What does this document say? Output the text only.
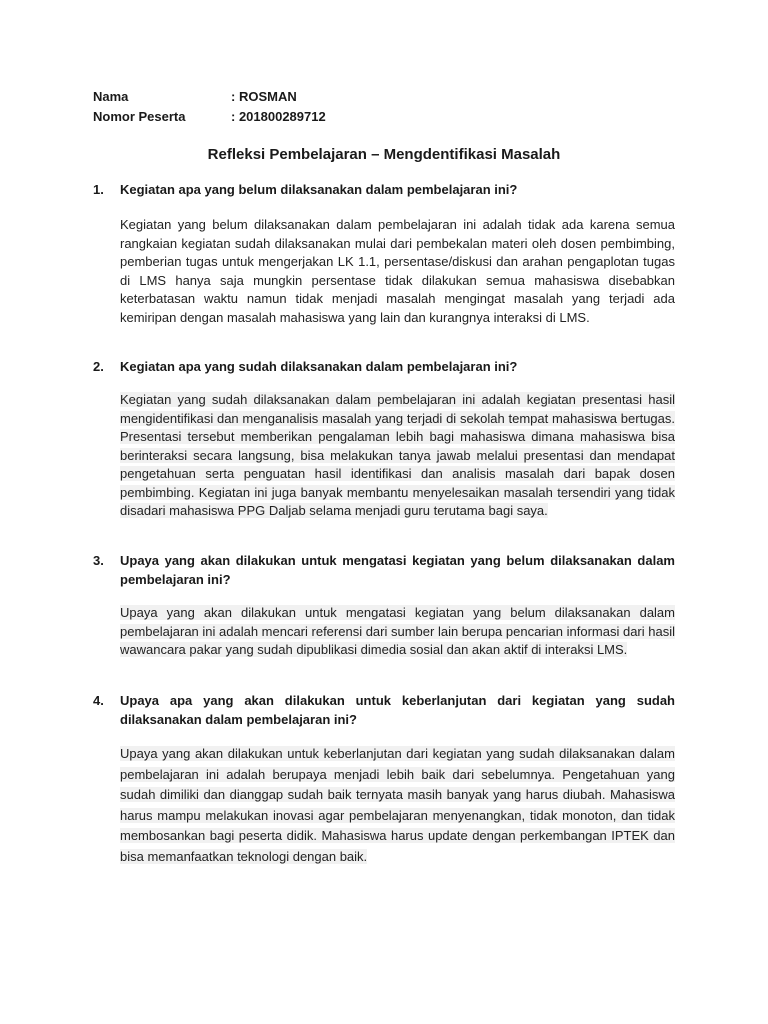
Nama	: ROSMAN
Nomor Peserta	: 201800289712
Refleksi Pembelajaran – Mengdentifikasi Masalah
1. Kegiatan apa yang belum dilaksanakan dalam pembelajaran ini?
Kegiatan yang belum dilaksanakan dalam pembelajaran ini adalah tidak ada karena semua rangkaian kegiatan sudah dilaksanakan mulai dari pembekalan materi oleh dosen pembimbing, pemberian tugas untuk mengerjakan LK 1.1, persentase/diskusi dan arahan pengaplotan tugas di LMS hanya saja mungkin persentase tidak dilakukan semua mahasiswa disebabkan keterbatasan waktu namun tidak menjadi masalah mengingat masalah yang terjadi ada kemiripan dengan masalah mahasiswa yang lain dan kurangnya interaksi di LMS.
2. Kegiatan apa yang sudah dilaksanakan dalam pembelajaran ini?
Kegiatan yang sudah dilaksanakan dalam pembelajaran ini adalah kegiatan presentasi hasil mengidentifikasi dan menganalisis masalah yang terjadi di sekolah tempat mahasiswa bertugas. Presentasi tersebut memberikan pengalaman lebih bagi mahasiswa dimana mahasiswa bisa berinteraksi secara langsung, bisa melakukan tanya jawab melalui presentasi dan mendapat pengetahuan serta penguatan hasil identifikasi dan analisis masalah dari bapak dosen pembimbing. Kegiatan ini juga banyak membantu menyelesaikan masalah tersendiri yang tidak disadari mahasiswa PPG Daljab selama menjadi guru terutama bagi saya.
3. Upaya yang akan dilakukan untuk mengatasi kegiatan yang belum dilaksanakan dalam pembelajaran ini?
Upaya yang akan dilakukan untuk mengatasi kegiatan yang belum dilaksanakan dalam pembelajaran ini adalah mencari referensi dari sumber lain berupa pencarian informasi dari hasil wawancara pakar yang sudah dipublikasi dimedia sosial dan akan aktif di interaksi LMS.
4. Upaya apa yang akan dilakukan untuk keberlanjutan dari kegiatan yang sudah dilaksanakan dalam pembelajaran ini?
Upaya yang akan dilakukan untuk keberlanjutan dari kegiatan yang sudah dilaksanakan dalam pembelajaran ini adalah berupaya menjadi lebih baik dari sebelumnya. Pengetahuan yang sudah dimiliki dan dianggap sudah baik ternyata masih banyak yang harus diubah. Mahasiswa harus mampu melakukan inovasi agar pembelajaran menyenangkan, tidak monoton, dan tidak membosankan bagi peserta didik. Mahasiswa harus update dengan perkembangan IPTEK dan bisa memanfaatkan teknologi dengan baik.
